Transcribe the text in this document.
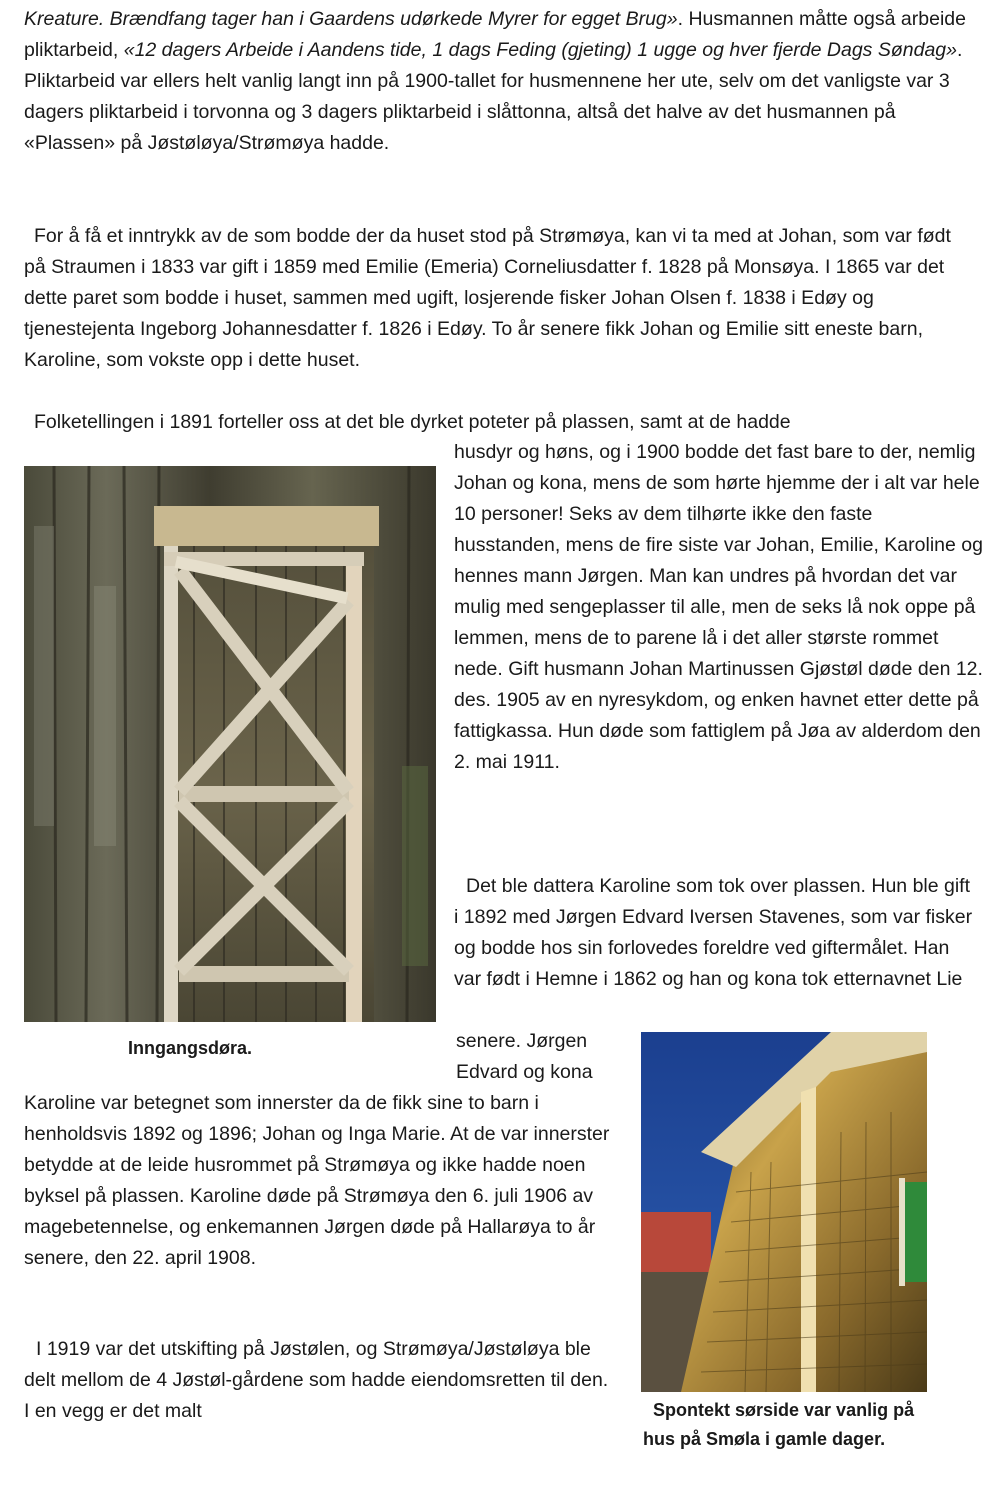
Kreature. Brændfang tager han i Gaardens udørkede Myrer for egget Brug». Husmannen måtte også arbeide pliktarbeid, «12 dagers Arbeide i Aandens tide, 1 dags Feding (gjeting) 1 ugge og hver fjerde Dags Søndag». Pliktarbeid var ellers helt vanlig langt inn på 1900-tallet for husmennene her ute, selv om det vanligste var 3 dagers pliktarbeid i torvonna og 3 dagers pliktarbeid i slåttonna, altså det halve av det husmannen på «Plassen» på Jøstøløya/Strømøya hadde.

For å få et inntrykk av de som bodde der da huset stod på Strømøya, kan vi ta med at Johan, som var født på Straumen i 1833 var gift i 1859 med Emilie (Emeria) Corneliusdatter f. 1828 på Monsøya. I 1865 var det dette paret som bodde i huset, sammen med ugift, losjerende fisker Johan Olsen f. 1838 i Edøy og tjenestejenta Ingeborg Johannesdatter f. 1826 i Edøy. To år senere fikk Johan og Emilie sitt eneste barn, Karoline, som vokste opp i dette huset.

Folketellingen i 1891 forteller oss at det ble dyrket poteter på plassen, samt at de hadde

Inngangsdøra.

husdyr og høns, og i 1900 bodde det fast bare to der, nemlig Johan og kona, mens de som hørte hjemme der i alt var hele 10 personer! Seks av dem tilhørte ikke den faste husstanden, mens de fire siste var Johan, Emilie, Karoline og hennes mann Jørgen. Man kan undres på hvordan det var mulig med sengeplasser til alle, men de seks lå nok oppe på lemmen, mens de to parene lå i det aller største rommet nede. Gift husmann Johan Martinussen Gjøstøl døde den 12. des. 1905 av en nyresykdom, og enken havnet etter dette på fattigkassa. Hun døde som fattiglem på Jøa av alderdom den 2. mai 1911.

Det ble dattera Karoline som tok over plassen. Hun ble gift i 1892 med Jørgen Edvard Iversen Stavenes, som var fisker og bodde hos sin forlovedes foreldre ved giftermålet. Han var født i Hemne i 1862 og han og kona tok etternavnet Lie

senere. Jørgen Edvard og kona

Karoline var betegnet som innerster da de fikk sine to barn i henholdsvis 1892 og 1896; Johan og Inga Marie. At de var innerster betydde at de leide husrommet på Strømøya og ikke hadde noen byksel på plassen. Karoline døde på Strømøya den 6. juli 1906 av magebetennelse, og enkemannen Jørgen døde på Hallarøya to år senere, den 22. april 1908.

I 1919 var det utskifting på Jøstølen, og Strømøya/Jøstøløya ble delt mellom de 4 Jøstøl-gårdene som hadde eiendomsretten til den. I en vegg er det malt	Spontekt sørside var vanlig på hus på Smøla i gamle dager.
